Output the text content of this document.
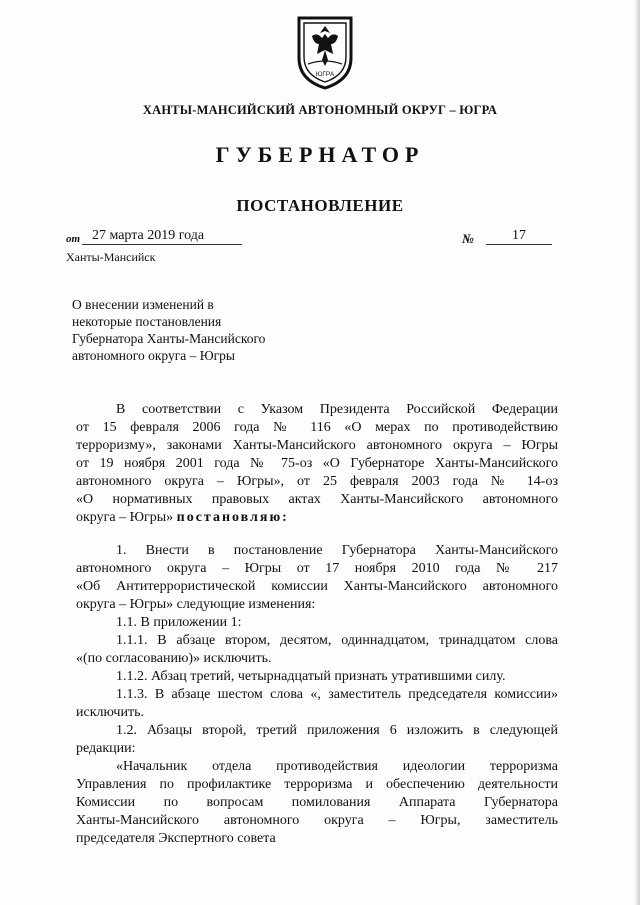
ЮГРА
ХАНТЫ-МАНСИЙСКИЙ АВТОНОМНЫЙ ОКРУГ – ЮГРА
ГУБЕРНАТОР
ПОСТАНОВЛЕНИЕ
от 27 марта 2019 года	№	17
Ханты-Мансийск
О внесении изменений в
некоторые постановления
Губернатора Ханты-Мансийского
автономного округа – Югры

В соответствии с Указом Президента Российской Федерации

от 15 февраля 2006 года № 116 «О мерах по противодействию

терроризму», законами Ханты-Мансийского автономного округа – Югры

от 19 ноября 2001 года № 75-оз «О Губернаторе Ханты-Мансийского

автономного округа – Югры», от 25 февраля 2003 года № 14-оз

«О нормативных правовых актах Ханты-Мансийского автономного

округа – Югры» постановляю:

1. Внести в постановление Губернатора Ханты-Мансийского

автономного округа – Югры от 17 ноября 2010 года № 217

«Об Антитеррористической комиссии Ханты-Мансийского автономного

округа – Югры» следующие изменения:

1.1. В приложении 1:

1.1.1. В абзаце втором, десятом, одиннадцатом, тринадцатом слова

«(по согласованию)» исключить.

1.1.2. Абзац третий, четырнадцатый признать утратившими силу.

1.1.3. В абзаце шестом слова «, заместитель председателя комиссии»

исключить.

1.2. Абзацы второй, третий приложения 6 изложить в следующей

редакции:

«Начальник отдела противодействия идеологии терроризма

Управления по профилактике терроризма и обеспечению деятельности

Комиссии по вопросам помилования Аппарата Губернатора

Ханты-Мансийского автономного округа – Югры, заместитель

председателя Экспертного совета
